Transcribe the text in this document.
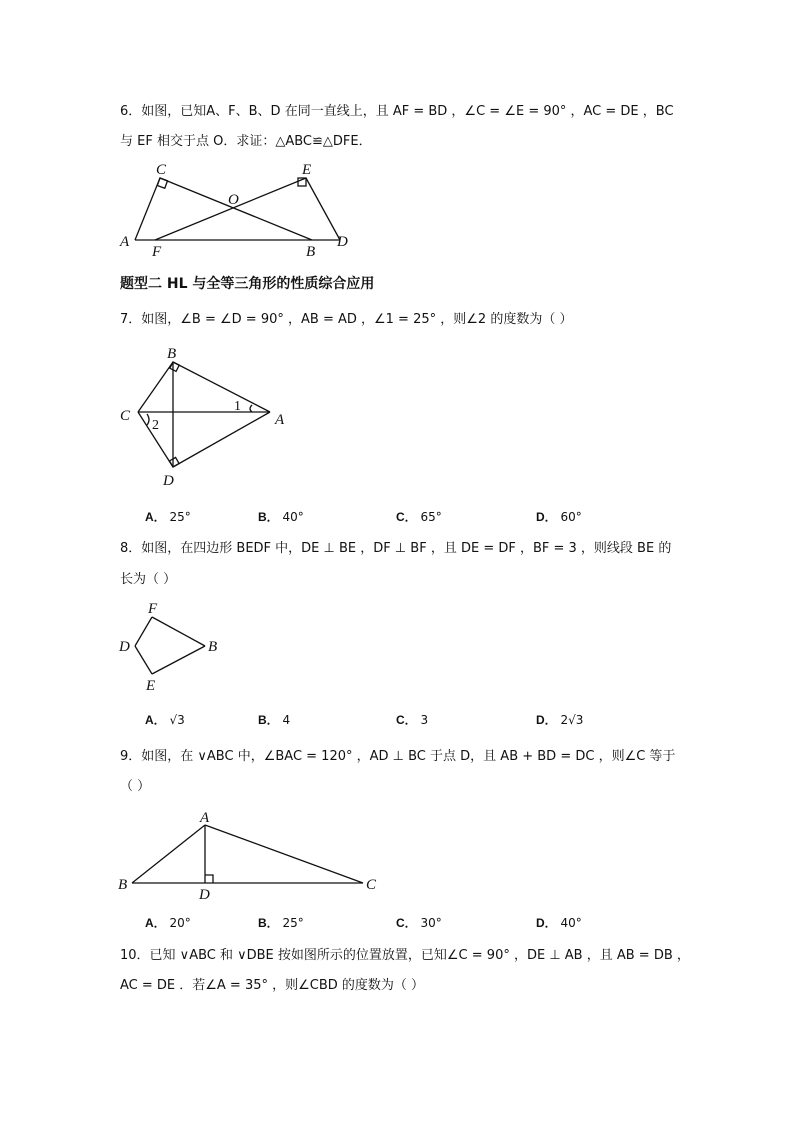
6．如图，已知A、F、B、D 在同一直线上，且 AF = BD ，∠C = ∠E = 90° ，AC = DE ，BC
与 EF 相交于点 O．求证：△ABC≌△DFE．
A
F	B
D
C	E
O
题型二 HL 与全等三角形的性质综合应用
7．如图，∠B = ∠D = 90° ，AB = AD ，∠1 = 25° ，则∠2 的度数为（ ）
B
C	A
D
1
2
A． 25°	B． 40°	C． 65°	D． 60°
8．如图，在四边形 BEDF 中，DE ⊥ BE ，DF ⊥ BF ，且 DE = DF ，BF = 3 ，则线段 BE 的
长为（ ）
F
D	B
E
A． √3	B． 4	C． 3	D． 2√3
9．如图，在 ∨ABC 中，∠BAC = 120° ，AD ⊥ BC 于点 D，且 AB + BD = DC ，则∠C 等于
（ ）
A
B
D
C
A． 20°	B． 25°	C． 30°	D． 40°
10．已知 ∨ABC 和 ∨DBE 按如图所示的位置放置，已知∠C = 90° ，DE ⊥ AB ，且 AB = DB ，
AC = DE ．若∠A = 35° ，则∠CBD 的度数为（ ）
